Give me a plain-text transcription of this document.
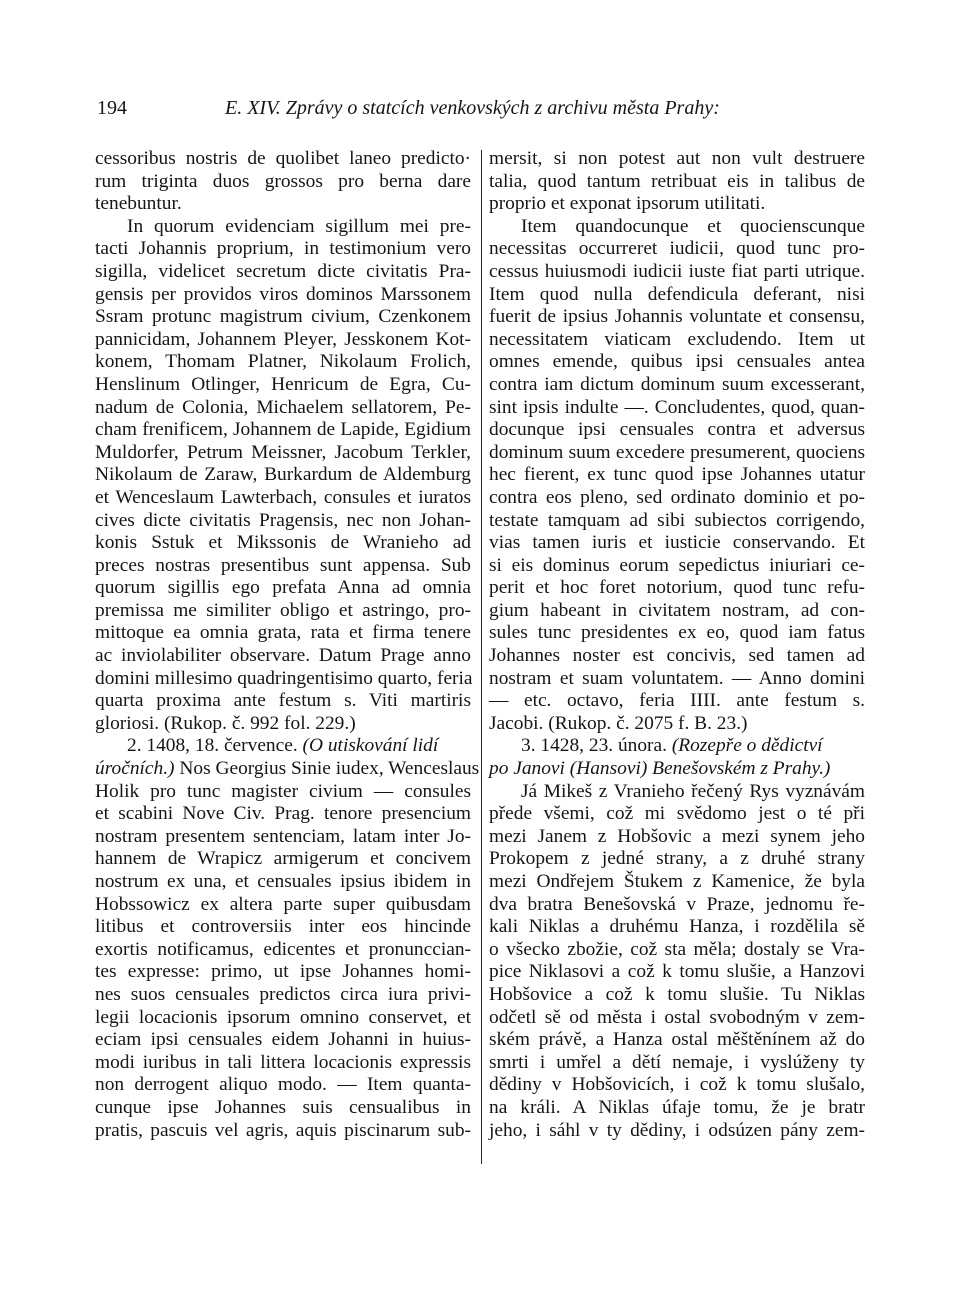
194	E. XIV. Zprávy o statcích venkovských z archivu města Prahy:
cessoribus nostris de quolibet laneo predicto·
rum triginta duos grossos pro berna dare
tenebuntur.
In quorum evidenciam sigillum mei pre-
tacti Johannis proprium, in testimonium vero
sigilla, videlicet secretum dicte civitatis Pra-
gensis per providos viros dominos Marssonem
Ssram protunc magistrum civium, Czenkonem
pannicidam, Johannem Pleyer, Jesskonem Kot-
konem, Thomam Platner, Nikolaum Frolich,
Henslinum Otlinger, Henricum de Egra, Cu-
nadum de Colonia, Michaelem sellatorem, Pe-
cham frenificem, Johannem de Lapide, Egidium
Muldorfer, Petrum Meissner, Jacobum Terkler,
Nikolaum de Zaraw, Burkardum de Aldemburg
et Wenceslaum Lawterbach, consules et iuratos
cives dicte civitatis Pragensis, nec non Johan-
konis Sstuk et Mikssonis de Wranieho ad
preces nostras presentibus sunt appensa. Sub
quorum sigillis ego prefata Anna ad omnia
premissa me similiter obligo et astringo, pro-
mittoque ea omnia grata, rata et firma tenere
ac inviolabiliter observare. Datum Prage anno
domini millesimo quadringentisimo quarto, feria
quarta proxima ante festum s. Viti martiris
gloriosi. (Rukop. č. 992 fol. 229.)
2. 1408, 18. července. (O utiskování lidí
úročních.) Nos Georgius Sinie iudex, Wenceslaus
Holik pro tunc magister civium — consules
et scabini Nove Civ. Prag. tenore presencium
nostram presentem sentenciam, latam inter Jo-
hannem de Wrapicz armigerum et concivem
nostrum ex una, et censuales ipsius ibidem in
Hobssowicz ex altera parte super quibusdam
litibus et controversiis inter eos hincinde
exortis notificamus, edicentes et pronunccian-
tes expresse: primo, ut ipse Johannes homi-
nes suos censuales predictos circa iura privi-
legii locacionis ipsorum omnino conservet, et
eciam ipsi censuales eidem Johanni in huius-
modi iuribus in tali littera locacionis expressis
non derrogent aliquo modo. — Item quanta-
cunque ipse Johannes suis censualibus in
pratis, pascuis vel agris, aquis piscinarum sub-
mersit, si non potest aut non vult destruere
talia, quod tantum retribuat eis in talibus de
proprio et exponat ipsorum utilitati.
Item quandocunque et quocienscunque
necessitas occurreret iudicii, quod tunc pro-
cessus huiusmodi iudicii iuste fiat parti utrique.
Item quod nulla defendicula deferant, nisi
fuerit de ipsius Johannis voluntate et consensu,
necessitatem viaticam excludendo. Item ut
omnes emende, quibus ipsi censuales antea
contra iam dictum dominum suum excesserant,
sint ipsis indulte —. Concludentes, quod, quan-
docunque ipsi censuales contra et adversus
dominum suum excedere presumerent, quociens
hec fierent, ex tunc quod ipse Johannes utatur
contra eos pleno, sed ordinato dominio et po-
testate tamquam ad sibi subiectos corrigendo,
vias tamen iuris et iusticie conservando. Et
si eis dominus eorum sepedictus iniuriari ce-
perit et hoc foret notorium, quod tunc refu-
gium habeant in civitatem nostram, ad con-
sules tunc presidentes ex eo, quod iam fatus
Johannes noster est concivis, sed tamen ad
nostram et suam voluntatem. — Anno domini
— etc. octavo, feria IIII. ante festum s.
Jacobi. (Rukop. č. 2075 f. B. 23.)
3. 1428, 23. února. (Rozepře o dědictví
po Janovi (Hansovi) Benešovském z Prahy.)
Já Mikeš z Vranieho řečený Rys vyznávám
přede všemi, což mi svědomo jest o té při
mezi Janem z Hobšovic a mezi synem jeho
Prokopem z jedné strany, a z druhé strany
mezi Ondřejem Štukem z Kamenice, že byla
dva bratra Benešovská v Praze, jednomu ře-
kali Niklas a druhému Hanza, i rozdělila sě
o všecko zbožie, což sta měla; dostaly se Vra-
pice Niklasovi a což k tomu slušie, a Hanzovi
Hobšovice a což k tomu slušie. Tu Niklas
odčetl sě od města i ostal svobodným v zem-
ském právě, a Hanza ostal měštěnínem až do
smrti i umřel a dětí nemaje, i vyslúženy ty
dědiny v Hobšovicích, i což k tomu slušalo,
na králi. A Niklas úfaje tomu, že je bratr
jeho, i sáhl v ty dědiny, i odsúzen pány zem-
